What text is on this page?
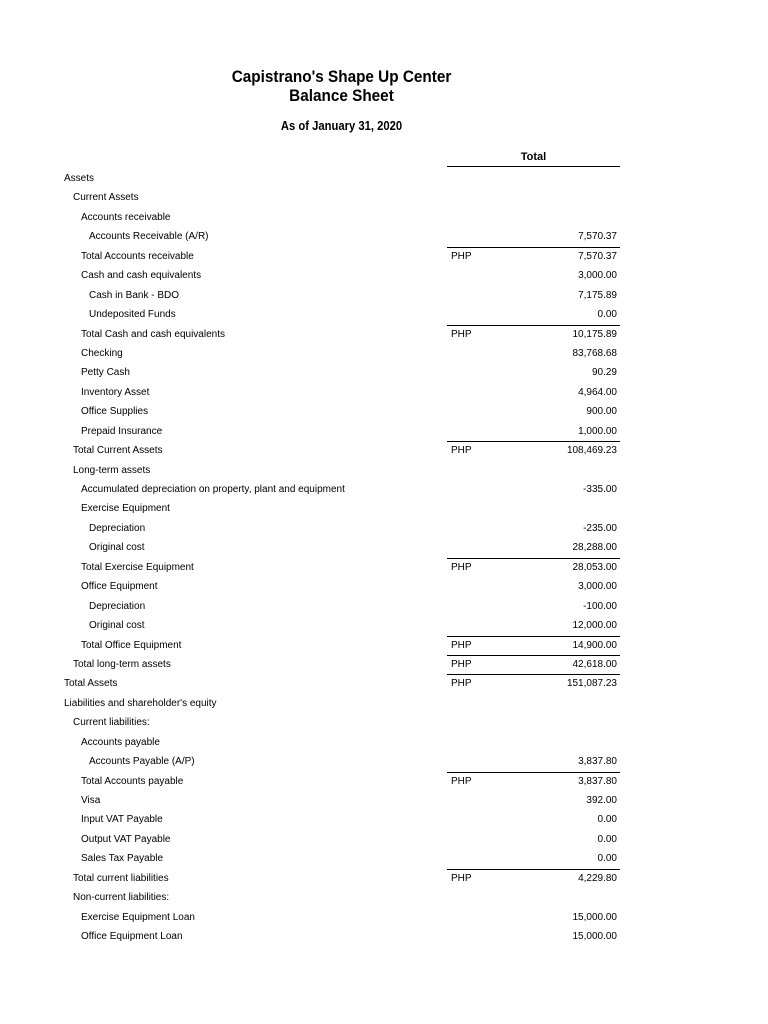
Capistrano's Shape Up Center
Balance Sheet
As of January 31, 2020
Total
Assets
Current Assets
Accounts receivable
Accounts Receivable (A/R)	7,570.37
Total Accounts receivable	PHP	7,570.37
Cash and cash equivalents	3,000.00
Cash in Bank - BDO	7,175.89
Undeposited Funds	0.00
Total Cash and cash equivalents	PHP	10,175.89
Checking	83,768.68
Petty Cash	90.29
Inventory Asset	4,964.00
Office Supplies	900.00
Prepaid Insurance	1,000.00
Total Current Assets	PHP	108,469.23
Long-term assets
Accumulated depreciation on property, plant and equipment	-335.00
Exercise Equipment
Depreciation	-235.00
Original cost	28,288.00
Total Exercise Equipment	PHP	28,053.00
Office Equipment	3,000.00
Depreciation	-100.00
Original cost	12,000.00
Total Office Equipment	PHP	14,900.00
Total long-term assets	PHP	42,618.00
Total Assets	PHP	151,087.23
Liabilities and shareholder's equity
Current liabilities:
Accounts payable
Accounts Payable (A/P)	3,837.80
Total Accounts payable	PHP	3,837.80
Visa	392.00
Input VAT Payable	0.00
Output VAT Payable	0.00
Sales Tax Payable	0.00
Total current liabilities	PHP	4,229.80
Non-current liabilities:
Exercise Equipment Loan	15,000.00
Office Equipment Loan	15,000.00
